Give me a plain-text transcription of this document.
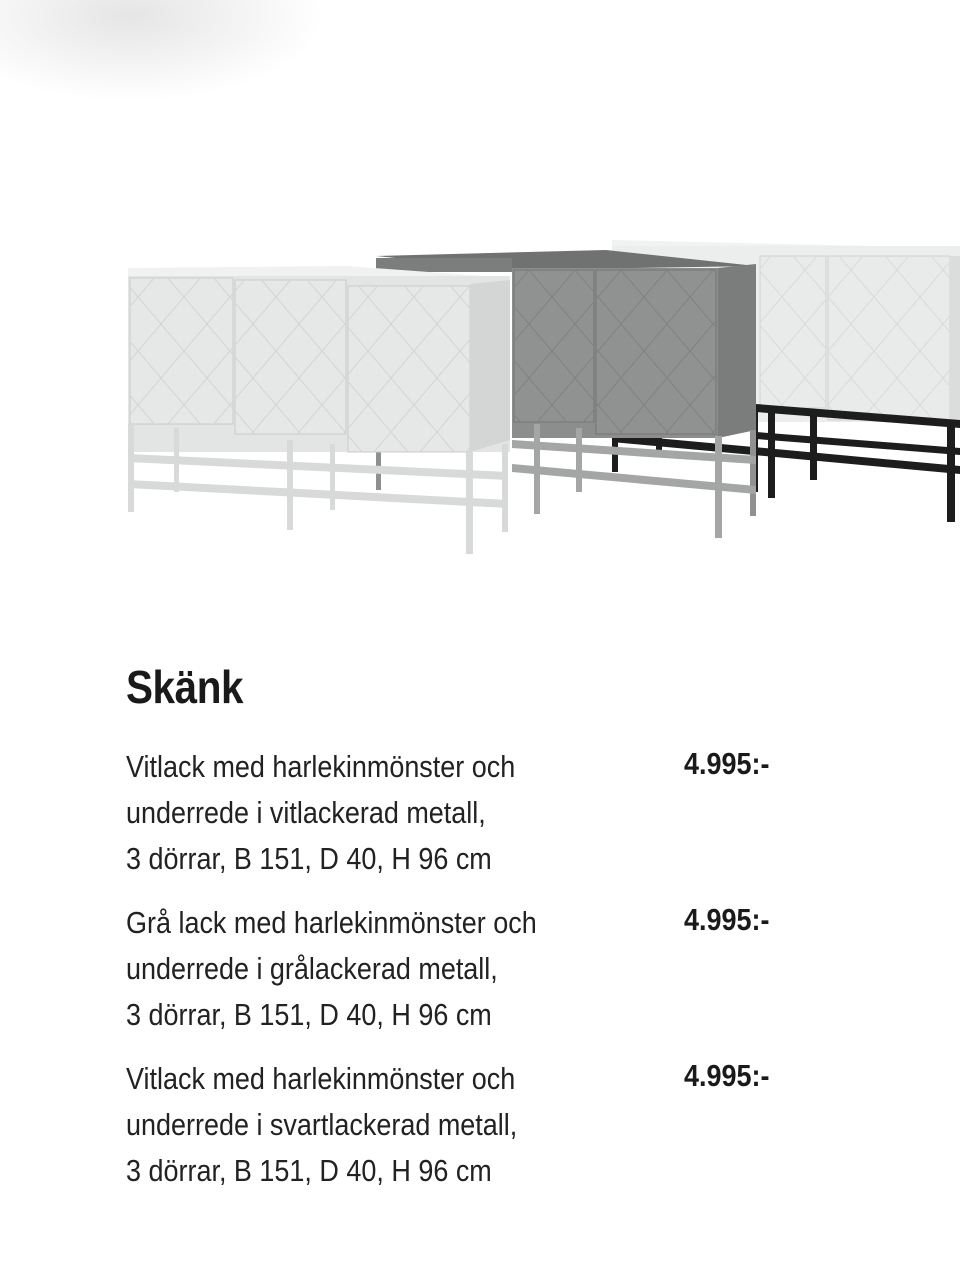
Skänk
Vitlack med harlekinmönster och
underrede i vitlackerad metall,
3 dörrar, B 151, D 40, H 96 cm
4.995:-
Grå lack med harlekinmönster och
underrede i grålackerad metall,
3 dörrar, B 151, D 40, H 96 cm
4.995:-
Vitlack med harlekinmönster och
underrede i svartlackerad metall,
3 dörrar, B 151, D 40, H 96 cm
4.995:-
